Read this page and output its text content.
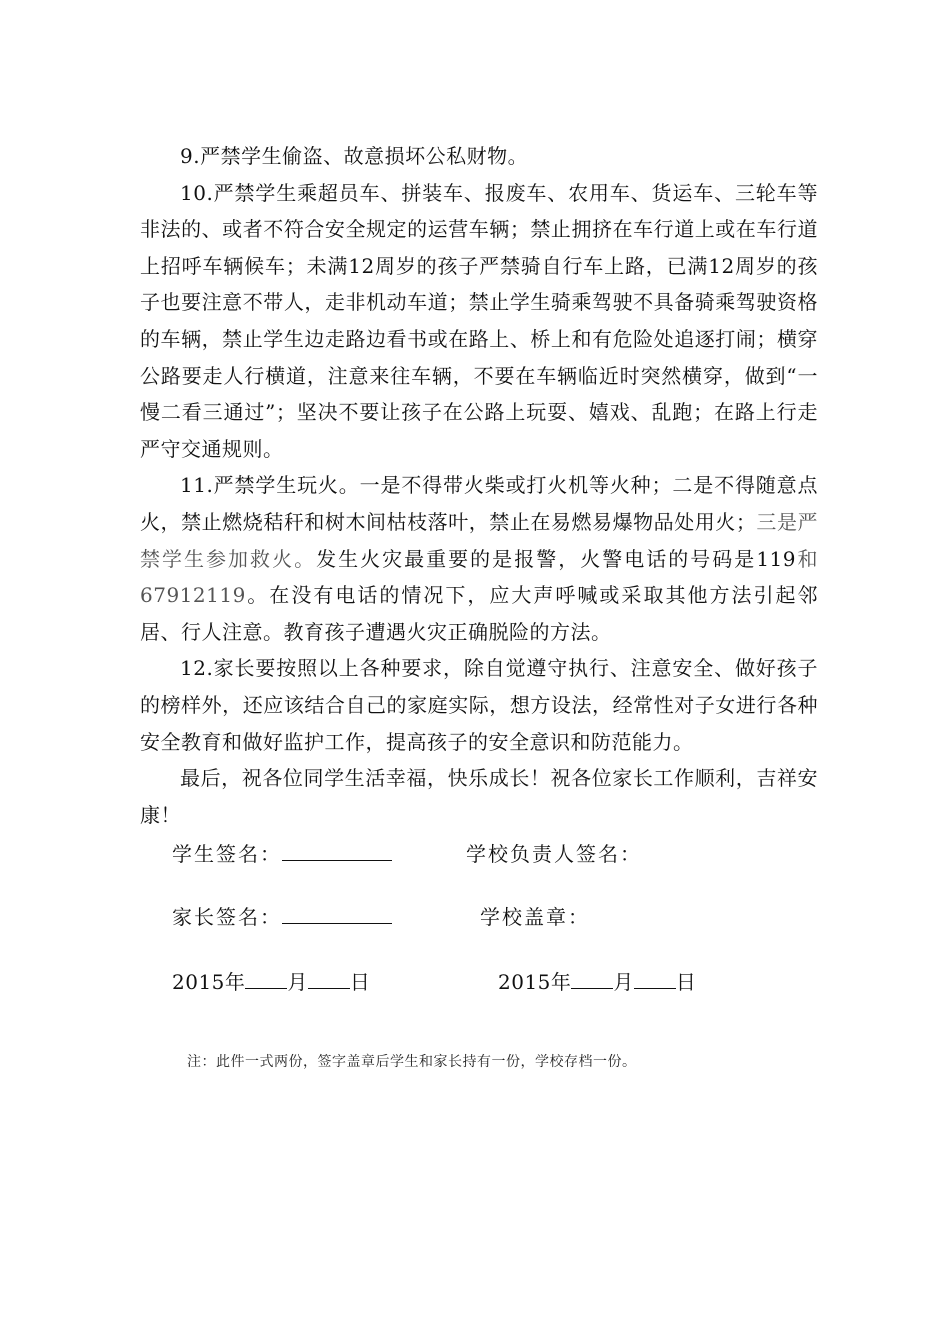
9.严禁学生偷盗、故意损坏公私财物。

10.严禁学生乘超员车、拼装车、报废车、农用车、货运车、三轮车等非法的、或者不符合安全规定的运营车辆；禁止拥挤在车行道上或在车行道上招呼车辆候车；未满12周岁的孩子严禁骑自行车上路，已满12周岁的孩子也要注意不带人，走非机动车道；禁止学生骑乘驾驶不具备骑乘驾驶资格的车辆，禁止学生边走路边看书或在路上、桥上和有危险处追逐打闹；横穿公路要走人行横道，注意来往车辆，不要在车辆临近时突然横穿，做到“一慢二看三通过”；坚决不要让孩子在公路上玩耍、嬉戏、乱跑；在路上行走严守交通规则。

11.严禁学生玩火。一是不得带火柴或打火机等火种；二是不得随意点火，禁止燃烧秸秆和树木间枯枝落叶，禁止在易燃易爆物品处用火；三是严禁学生参加救火。发生火灾最重要的是报警，火警电话的号码是119和67912119。在没有电话的情况下，应大声呼喊或采取其他方法引起邻居、行人注意。教育孩子遭遇火灾正确脱险的方法。

12.家长要按照以上各种要求，除自觉遵守执行、注意安全、做好孩子的榜样外，还应该结合自己的家庭实际，想方设法，经常性对子女进行各种安全教育和做好监护工作，提高孩子的安全意识和防范能力。

最后，祝各位同学生活幸福，快乐成长！祝各位家长工作顺利，吉祥安康！

学生签名：	学校负责人签名：
家长签名：	学校盖章：
2015年 月 日	2015年 月 日
注：此件一式两份，签字盖章后学生和家长持有一份，学校存档一份。
